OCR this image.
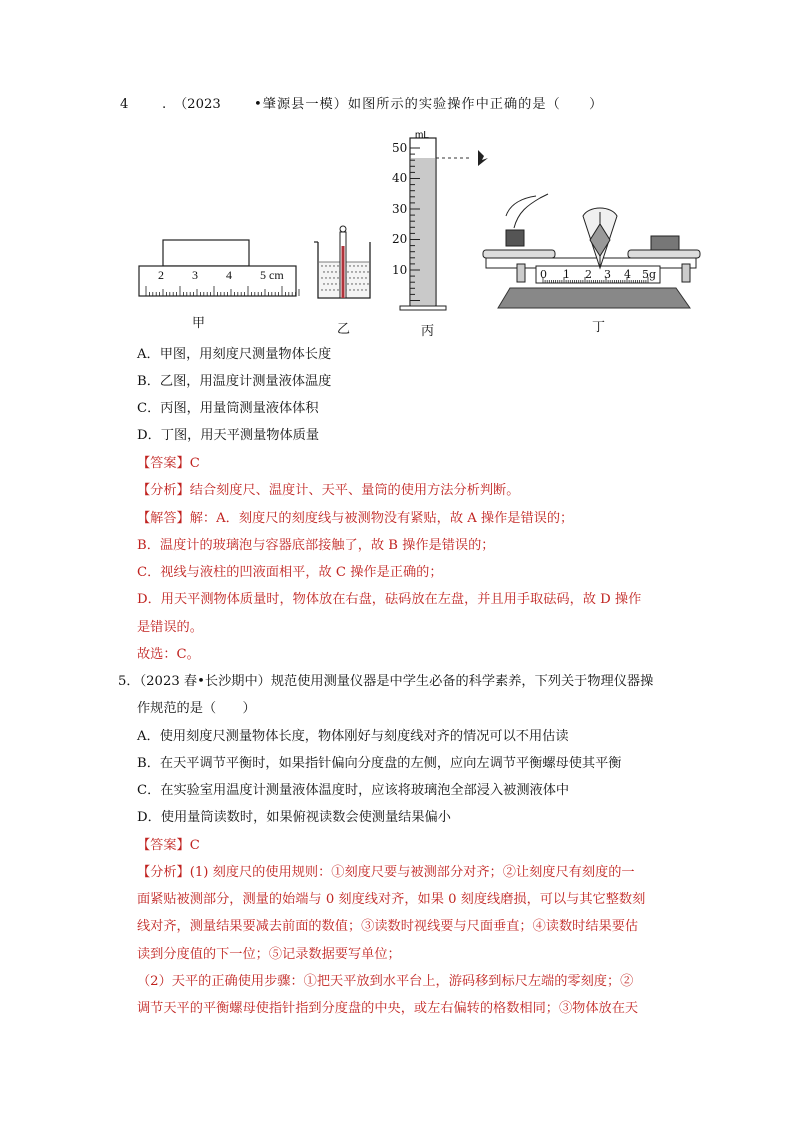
4	. （2023	•肇源县一模）如图所示的实验操作中正确的是（　　）
mL
2 3 4 5 cm
50
40
30
20
10	0 1 2 3 4 5g
甲	乙	丙	丁
A．甲图，用刻度尺测量物体长度
B．乙图，用温度计测量液体温度
C．丙图，用量筒测量液体体积
D．丁图，用天平测量物体质量
【答案】C
【分析】结合刻度尺、温度计、天平、量筒的使用方法分析判断。
【解答】解：A．刻度尺的刻度线与被测物没有紧贴，故 A 操作是错误的；
B．温度计的玻璃泡与容器底部接触了，故 B 操作是错误的；
C．视线与液柱的凹液面相平，故 C 操作是正确的；
D．用天平测物体质量时，物体放在右盘，砝码放在左盘，并且用手取砝码，故 D 操作
是错误的。
故选：C。
5．（2023 春•长沙期中）规范使用测量仪器是中学生必备的科学素养，下列关于物理仪器操
作规范的是（　　）
A．使用刻度尺测量物体长度，物体刚好与刻度线对齐的情况可以不用估读
B．在天平调节平衡时，如果指针偏向分度盘的左侧，应向左调节平衡螺母使其平衡
C．在实验室用温度计测量液体温度时，应该将玻璃泡全部浸入被测液体中
D．使用量筒读数时，如果俯视读数会使测量结果偏小
【答案】C
【分析】(1) 刻度尺的使用规则：①刻度尺要与被测部分对齐；②让刻度尺有刻度的一
面紧贴被测部分，测量的始端与 0 刻度线对齐，如果 0 刻度线磨损，可以与其它整数刻
线对齐，测量结果要减去前面的数值；③读数时视线要与尺面垂直；④读数时结果要估
读到分度值的下一位；⑤记录数据要写单位；
（2）天平的正确使用步骤：①把天平放到水平台上，游码移到标尺左端的零刻度；②
调节天平的平衡螺母使指针指到分度盘的中央，或左右偏转的格数相同；③物体放在天
